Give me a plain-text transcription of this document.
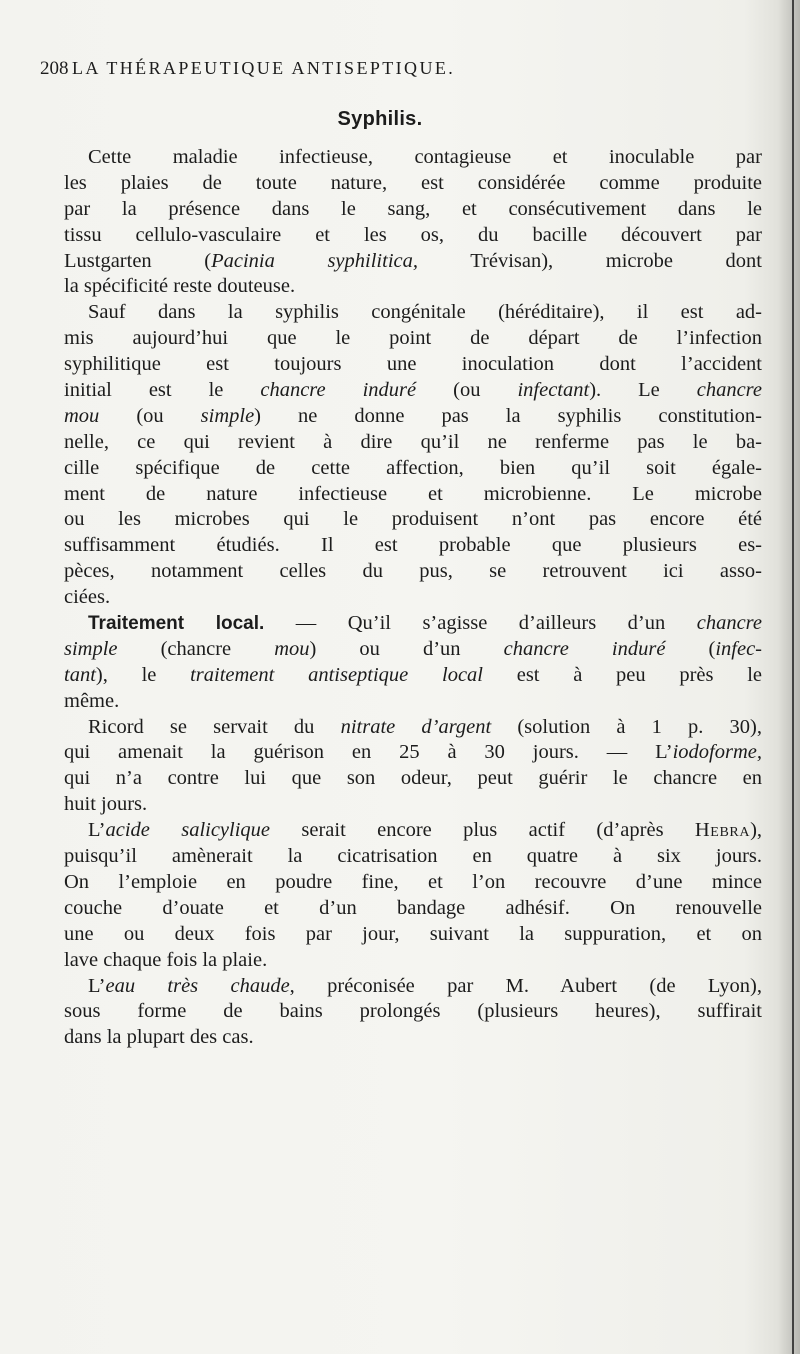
208 LA THÉRAPEUTIQUE ANTISEPTIQUE.
Syphilis.
Cette maladie infectieuse, contagieuse et inoculable par
les plaies de toute nature, est considérée comme produite
par la présence dans le sang, et consécutivement dans le
tissu cellulo-vasculaire et les os, du bacille découvert par
Lustgarten (Pacinia syphilitica, Trévisan), microbe dont
la spécificité reste douteuse.
Sauf dans la syphilis congénitale (héréditaire), il est ad-
mis aujourd’hui que le point de départ de l’infection
syphilitique est toujours une inoculation dont l’accident
initial est le chancre induré (ou infectant). Le chancre
mou (ou simple) ne donne pas la syphilis constitution-
nelle, ce qui revient à dire qu’il ne renferme pas le ba-
cille spécifique de cette affection, bien qu’il soit égale-
ment de nature infectieuse et microbienne. Le microbe
ou les microbes qui le produisent n’ont pas encore été
suffisamment étudiés. Il est probable que plusieurs es-
pèces, notamment celles du pus, se retrouvent ici asso-
ciées.
Traitement local. — Qu’il s’agisse d’ailleurs d’un chancre
simple (chancre mou) ou d’un chancre induré (infec-
tant), le traitement antiseptique local est à peu près le
même.
Ricord se servait du nitrate d’argent (solution à 1 p. 30),
qui amenait la guérison en 25 à 30 jours. — L’iodoforme,
qui n’a contre lui que son odeur, peut guérir le chancre en
huit jours.
L’acide salicylique serait encore plus actif (d’après Hebra),
puisqu’il amènerait la cicatrisation en quatre à six jours.
On l’emploie en poudre fine, et l’on recouvre d’une mince
couche d’ouate et d’un bandage adhésif. On renouvelle
une ou deux fois par jour, suivant la suppuration, et on
lave chaque fois la plaie.
L’eau très chaude, préconisée par M. Aubert (de Lyon),
sous forme de bains prolongés (plusieurs heures), suffirait
dans la plupart des cas.
